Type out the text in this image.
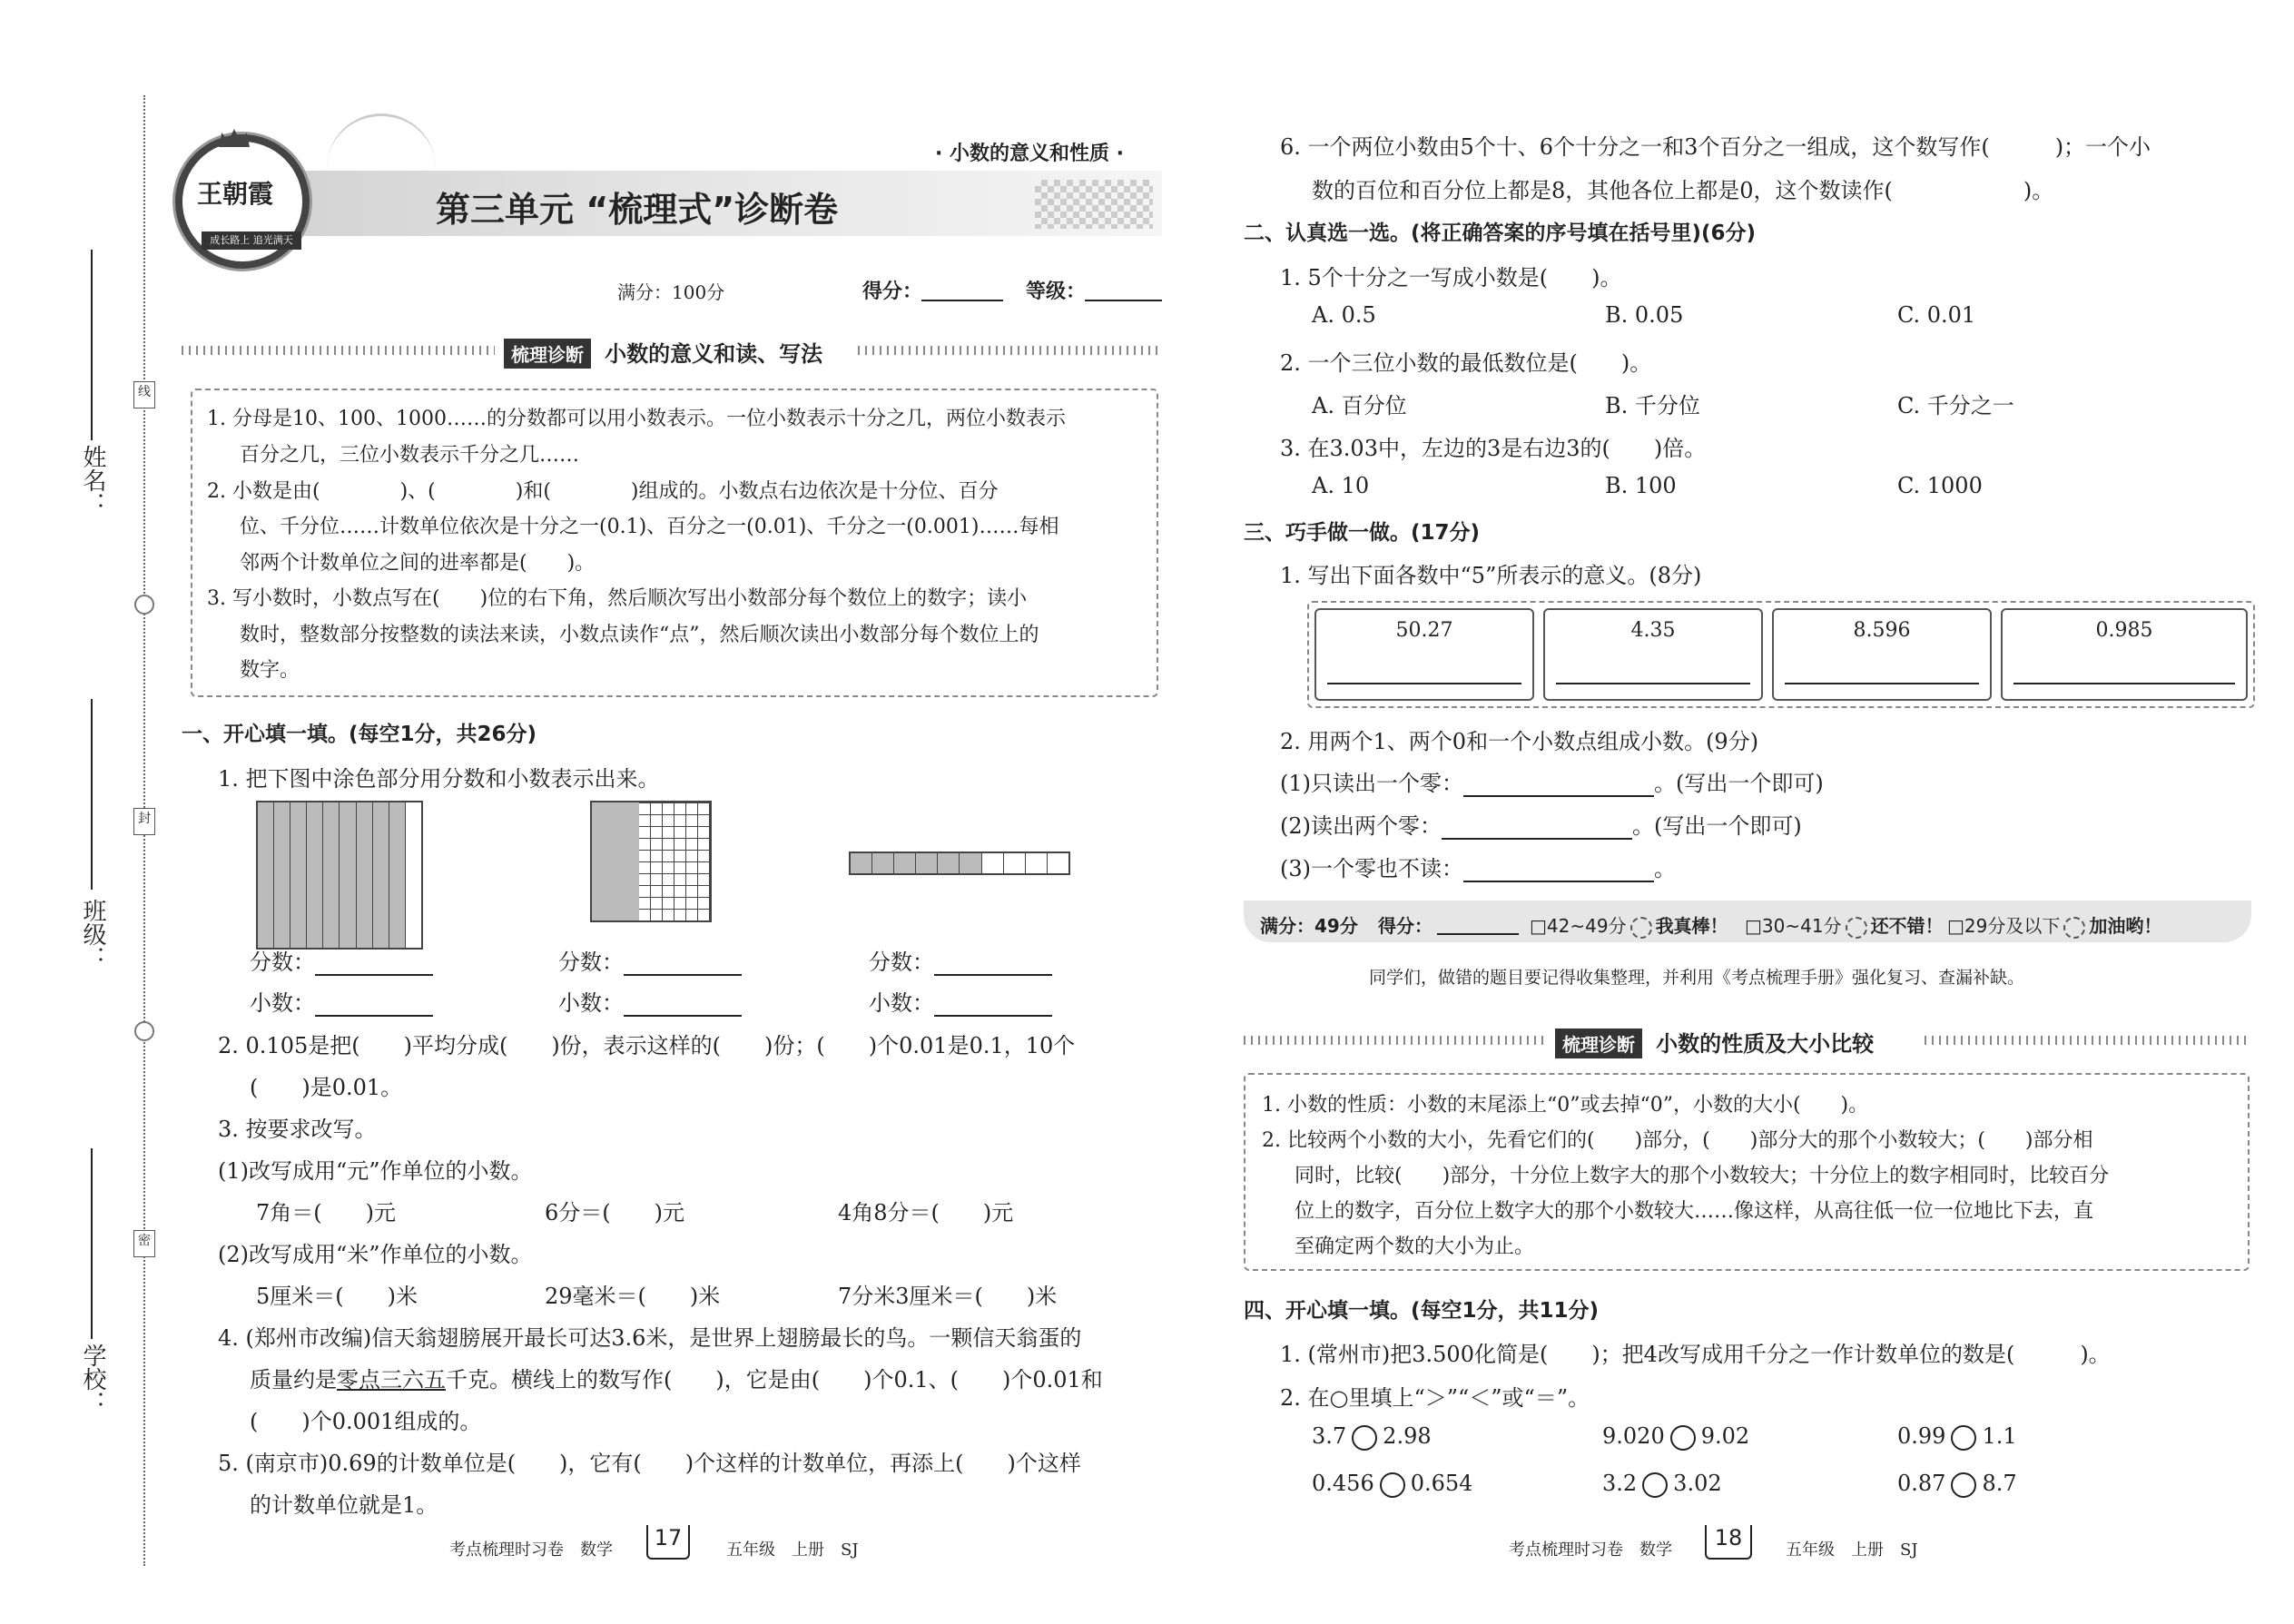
姓名：
班级：
学校：
线
封
密
王朝霞
成长路上 追光满天
· 小数的意义和性质 ·
第三单元 “梳理式”诊断卷
满分：100分	得分：	等级：
梳理诊断 小数的意义和读、写法
1. 分母是10、100、1000……的分数都可以用小数表示。一位小数表示十分之几，两位小数表示
百分之几，三位小数表示千分之几……
2. 小数是由(　　　　)、(　　　　)和(　　　　)组成的。小数点右边依次是十分位、百分
位、千分位……计数单位依次是十分之一(0.1)、百分之一(0.01)、千分之一(0.001)……每相
邻两个计数单位之间的进率都是(　　)。
3. 写小数时，小数点写在(　　)位的右下角，然后顺次写出小数部分每个数位上的数字；读小
数时，整数部分按整数的读法来读，小数点读作“点”，然后顺次读出小数部分每个数位上的
数字。
一、开心填一填。(每空1分，共26分)
1. 把下图中涂色部分用分数和小数表示出来。
分数：
小数：
分数：
小数：
分数：
小数：
2. 0.105是把(　　)平均分成(　　)份，表示这样的(　　)份；(　　)个0.01是0.1，10个
(　　)是0.01。
3. 按要求改写。
(1)改写成用“元”作单位的小数。
7角＝(　　)元	6分＝(　　)元	4角8分＝(　　)元
(2)改写成用“米”作单位的小数。
5厘米＝(　　)米	29毫米＝(　　)米	7分米3厘米＝(　　)米
4. (郑州市改编)信天翁翅膀展开最长可达3.6米，是世界上翅膀最长的鸟。一颗信天翁蛋的
质量约是零点三六五千克。横线上的数写作(　　)，它是由(　　)个0.1、(　　)个0.01和
(　　)个0.001组成的。
5. (南京市)0.69的计数单位是(　　)，它有(　　)个这样的计数单位，再添上(　　)个这样
的计数单位就是1。
考点梳理时习卷　数学	17	五年级　上册　SJ
6. 一个两位小数由5个十、6个十分之一和3个百分之一组成，这个数写作(　　　)；一个小
数的百位和百分位上都是8，其他各位上都是0，这个数读作(　　　　　　)。
二、认真选一选。(将正确答案的序号填在括号里)(6分)
1. 5个十分之一写成小数是(　　)。
A. 0.5	B. 0.05	C. 0.01
2. 一个三位小数的最低数位是(　　)。
A. 百分位	B. 千分位	C. 千分之一
3. 在3.03中，左边的3是右边3的(　　)倍。
A. 10	B. 100	C. 1000
三、巧手做一做。(17分)
1. 写出下面各数中“5”所表示的意义。(8分)
50.27	4.35	8.596	0.985
2. 用两个1、两个0和一个小数点组成小数。(9分)
(1)只读出一个零：	。(写出一个即可)
(2)读出两个零：	。(写出一个即可)
(3)一个零也不读：	。
满分：49分 得分：	□42~49分 我真棒！ □30~41分 还不错！ □29分及以下 加油哟！
同学们，做错的题目要记得收集整理，并利用《考点梳理手册》强化复习、查漏补缺。
梳理诊断 小数的性质及大小比较
1. 小数的性质：小数的末尾添上“0”或去掉“0”，小数的大小(　　)。
2. 比较两个小数的大小，先看它们的(　　)部分，(　　)部分大的那个小数较大；(　　)部分相
同时，比较(　　)部分，十分位上数字大的那个小数较大；十分位上的数字相同时，比较百分
位上的数字，百分位上数字大的那个小数较大……像这样，从高往低一位一位地比下去，直
至确定两个数的大小为止。
四、开心填一填。(每空1分，共11分)
1. (常州市)把3.500化简是(　　)；把4改写成用千分之一作计数单位的数是(　　　)。
2. 在○里填上“＞”“＜”或“＝”。
3.7 2.98	9.020 9.02	0.99 1.1
0.456 0.654	3.2 3.02	0.87 8.7
考点梳理时习卷　数学	18	五年级　上册　SJ
